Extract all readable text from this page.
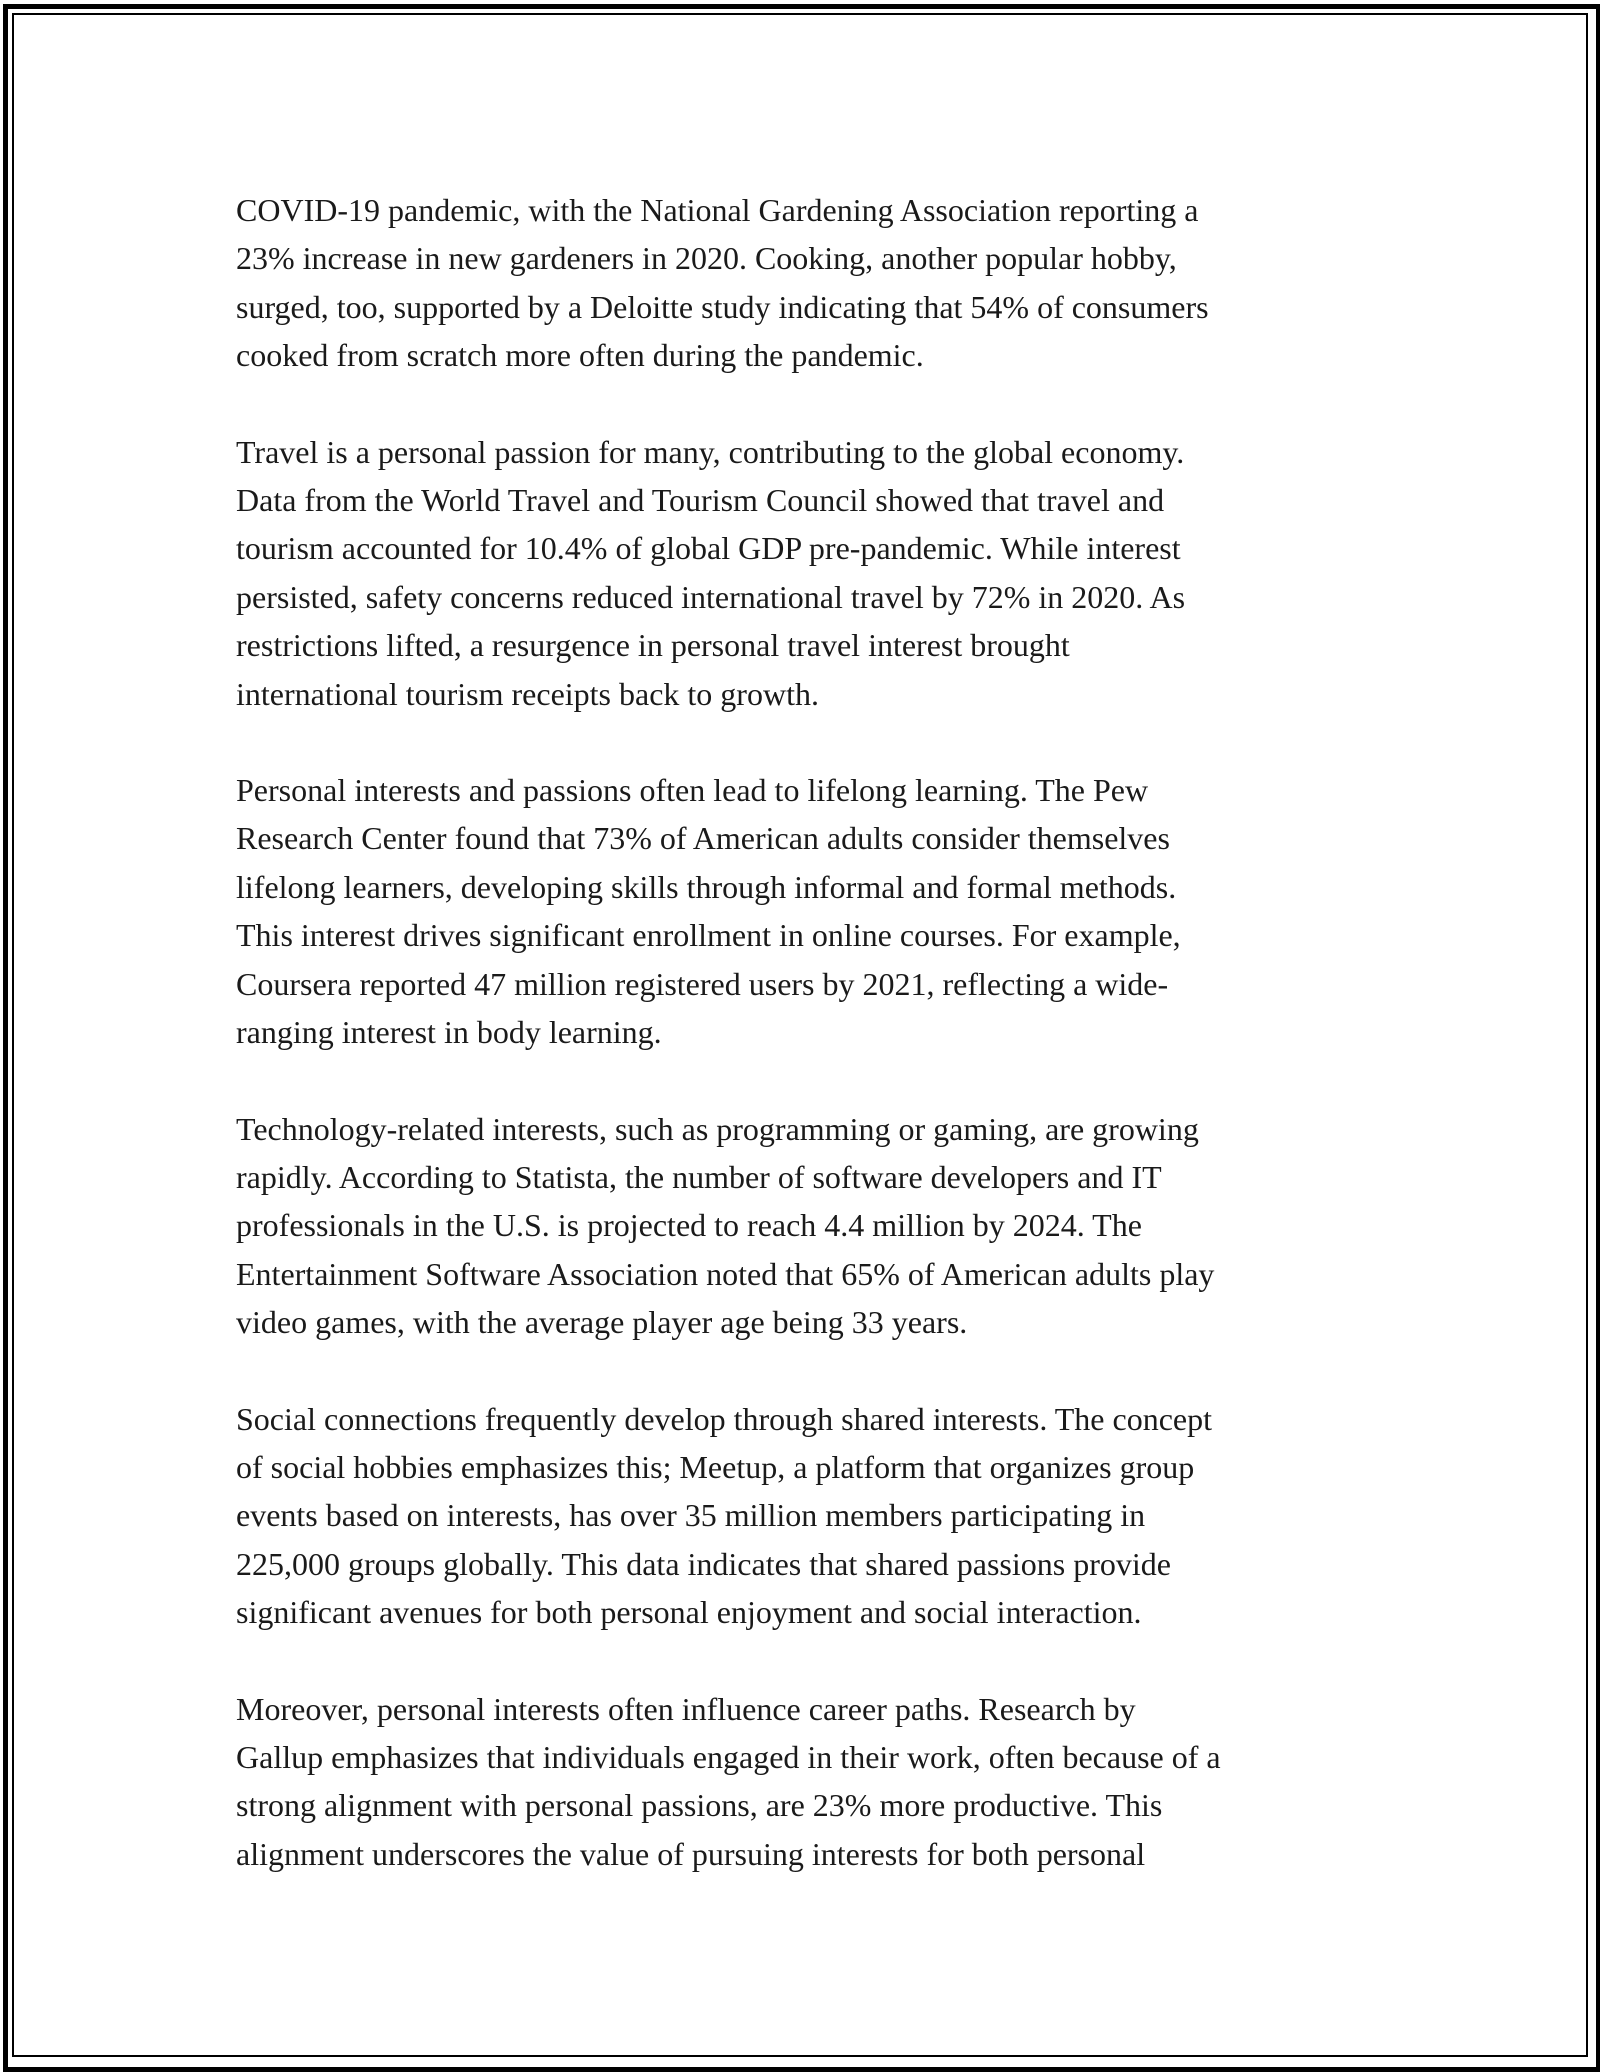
COVID-19 pandemic, with the National Gardening Association reporting a
23% increase in new gardeners in 2020. Cooking, another popular hobby,
surged, too, supported by a Deloitte study indicating that 54% of consumers
cooked from scratch more often during the pandemic.

Travel is a personal passion for many, contributing to the global economy.
Data from the World Travel and Tourism Council showed that travel and
tourism accounted for 10.4% of global GDP pre-pandemic. While interest
persisted, safety concerns reduced international travel by 72% in 2020. As
restrictions lifted, a resurgence in personal travel interest brought
international tourism receipts back to growth.

Personal interests and passions often lead to lifelong learning. The Pew
Research Center found that 73% of American adults consider themselves
lifelong learners, developing skills through informal and formal methods.
This interest drives significant enrollment in online courses. For example,
Coursera reported 47 million registered users by 2021, reflecting a wide-
ranging interest in body learning.

Technology-related interests, such as programming or gaming, are growing
rapidly. According to Statista, the number of software developers and IT
professionals in the U.S. is projected to reach 4.4 million by 2024. The
Entertainment Software Association noted that 65% of American adults play
video games, with the average player age being 33 years.

Social connections frequently develop through shared interests. The concept
of social hobbies emphasizes this; Meetup, a platform that organizes group
events based on interests, has over 35 million members participating in
225,000 groups globally. This data indicates that shared passions provide
significant avenues for both personal enjoyment and social interaction.

Moreover, personal interests often influence career paths. Research by
Gallup emphasizes that individuals engaged in their work, often because of a
strong alignment with personal passions, are 23% more productive. This
alignment underscores the value of pursuing interests for both personal
